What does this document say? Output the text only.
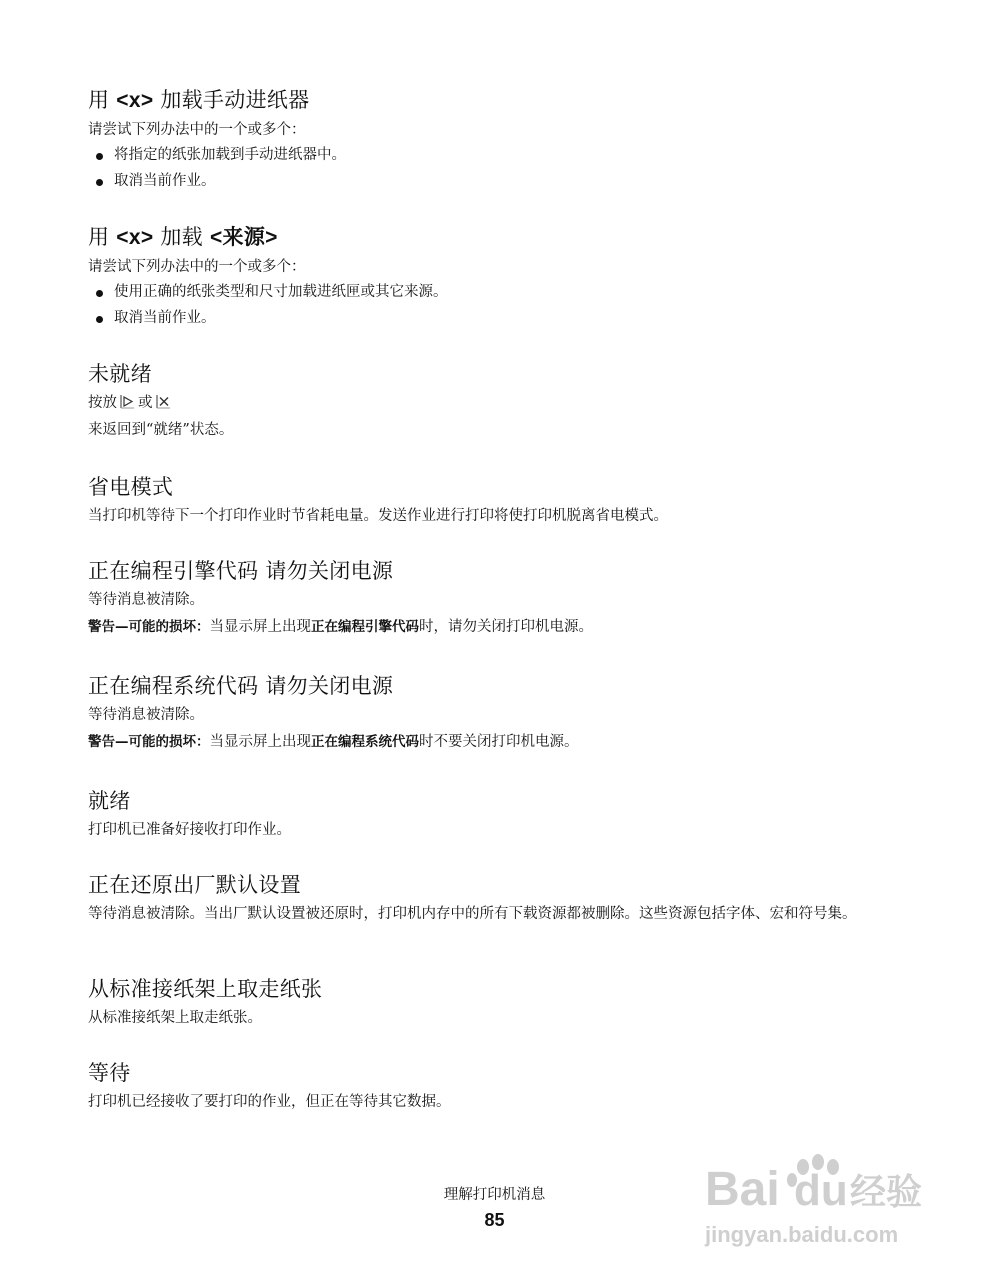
用 <x> 加载手动进纸器

请尝试下列办法中的一个或多个：

将指定的纸张加载到手动进纸器中。
取消当前作业。
用 <x> 加载 <来源>

请尝试下列办法中的一个或多个：

使用正确的纸张类型和尺寸加载进纸匣或其它来源。
取消当前作业。
未就绪

按放 或

来返回到“就绪”状态。

省电模式

当打印机等待下一个打印作业时节省耗电量。发送作业进行打印将使打印机脱离省电模式。

正在编程引擎代码 请勿关闭电源

等待消息被清除。

警告—可能的损坏：当显示屏上出现正在编程引擎代码时，请勿关闭打印机电源。

正在编程系统代码 请勿关闭电源

等待消息被清除。

警告—可能的损坏：当显示屏上出现正在编程系统代码时不要关闭打印机电源。

就绪

打印机已准备好接收打印作业。

正在还原出厂默认设置

等待消息被清除。当出厂默认设置被还原时，打印机内存中的所有下载资源都被删除。这些资源包括字体、宏和符号集。

从标准接纸架上取走纸张

从标准接纸架上取走纸张。

等待

打印机已经接收了要打印的作业，但正在等待其它数据。

理解打印机消息
85
Bai du 经验
jingyan.baidu.com
